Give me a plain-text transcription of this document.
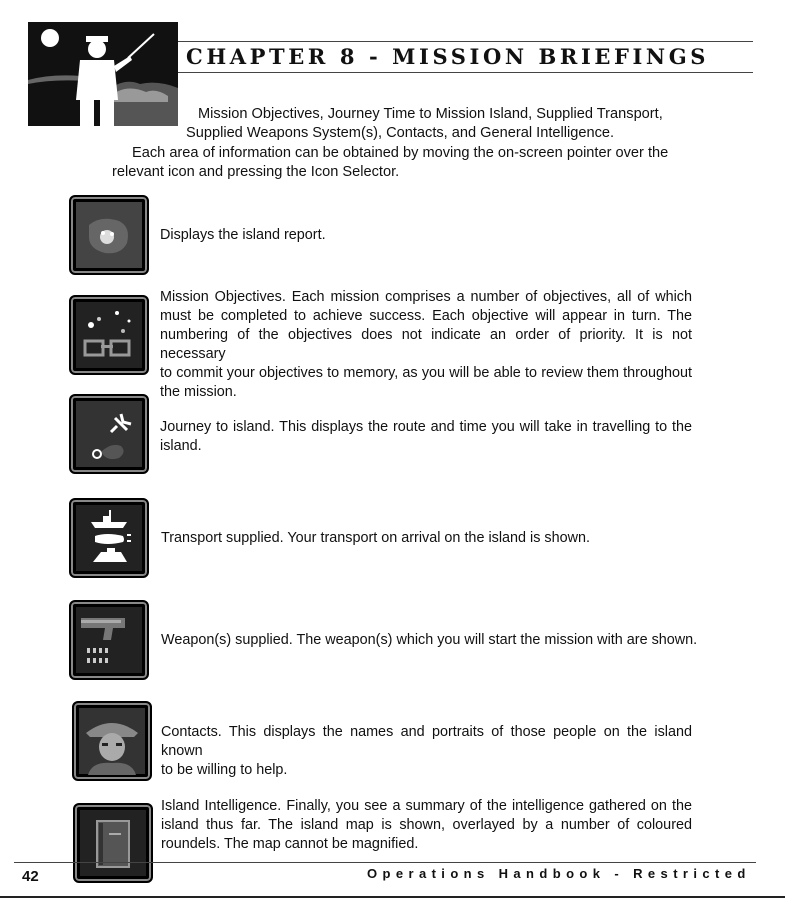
CHAPTER 8 - MISSION BRIEFINGS
Mission Objectives, Journey Time to Mission Island, Supplied Transport,
Supplied Weapons System(s), Contacts, and General Intelligence.
Each area of information can be obtained by moving the on-screen pointer over the
relevant icon and pressing the Icon Selector.
Displays the island report.
Mission Objectives. Each mission comprises a number of objectives, all of which
must be completed to achieve success. Each objective will appear in turn. The
numbering of the objectives does not indicate an order of priority. It is not necessary
to commit your objectives to memory, as you will be able to review them throughout
the mission.
Journey to island. This displays the route and time you will take in travelling to the
island.
Transport supplied. Your transport on arrival on the island is shown.
Weapon(s) supplied. The weapon(s) which you will start the mission with are shown.
Contacts. This displays the names and portraits of those people on the island known
to be willing to help.
Island Intelligence. Finally, you see a summary of the intelligence gathered on the
island thus far. The island map is shown, overlayed by a number of coloured
roundels. The map cannot be magnified.
42	Operations Handbook - Restricted
